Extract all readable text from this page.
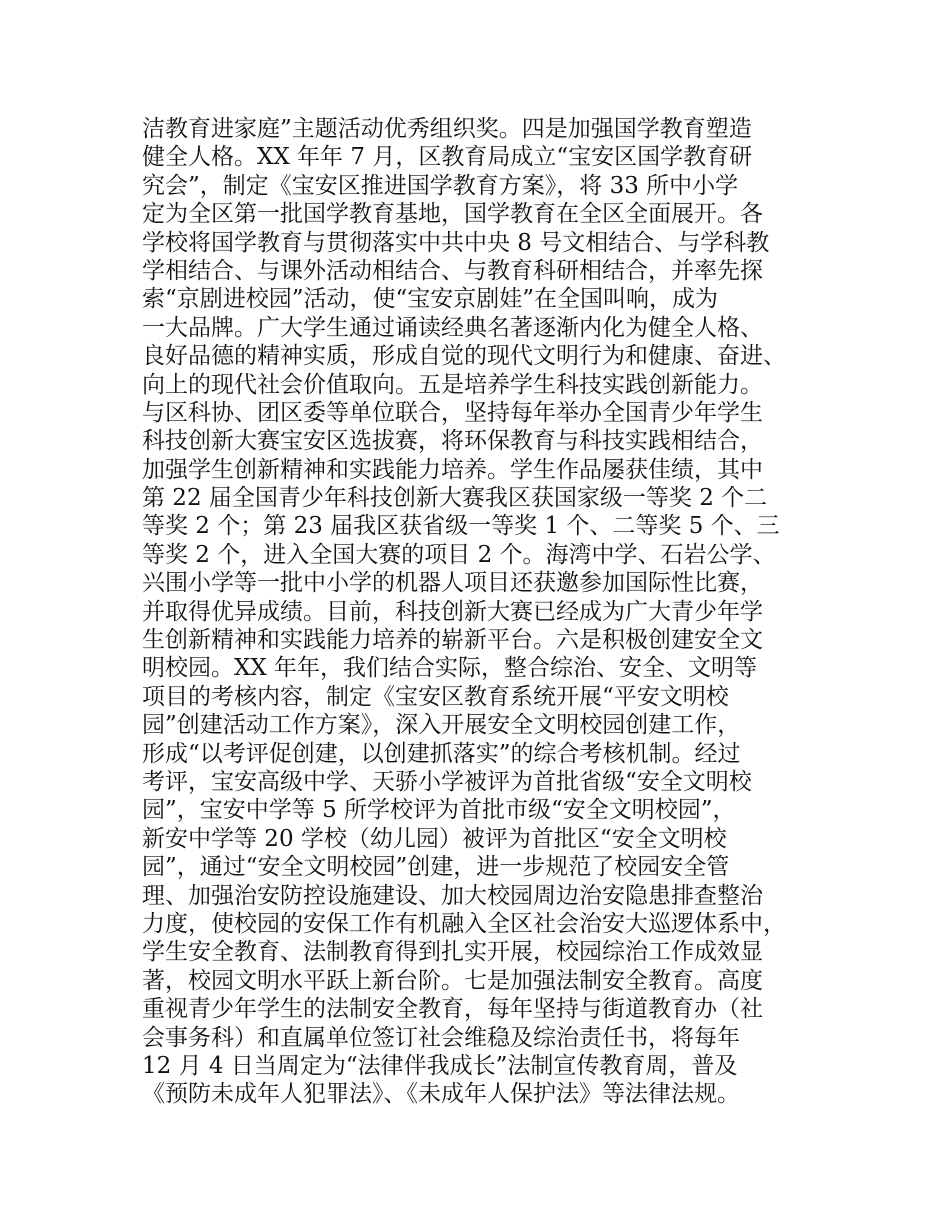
洁教育进家庭”主题活动优秀组织奖。四是加强国学教育塑造
健全人格。XX 年年 7 月，区教育局成立“宝安区国学教育研
究会”，制定《宝安区推进国学教育方案》，将 33 所中小学
定为全区第一批国学教育基地，国学教育在全区全面展开。各
学校将国学教育与贯彻落实中共中央 8 号文相结合、与学科教
学相结合、与课外活动相结合、与教育科研相结合，并率先探
索“京剧进校园”活动，使“宝安京剧娃”在全国叫响，成为
一大品牌。广大学生通过诵读经典名著逐渐内化为健全人格、
良好品德的精神实质，形成自觉的现代文明行为和健康、奋进、
向上的现代社会价值取向。五是培养学生科技实践创新能力。
与区科协、团区委等单位联合，坚持每年举办全国青少年学生
科技创新大赛宝安区选拔赛，将环保教育与科技实践相结合，
加强学生创新精神和实践能力培养。学生作品屡获佳绩，其中
第 22 届全国青少年科技创新大赛我区获国家级一等奖 2 个二
等奖 2 个；第 23 届我区获省级一等奖 1 个、二等奖 5 个、三
等奖 2 个，进入全国大赛的项目 2 个。海湾中学、石岩公学、
兴围小学等一批中小学的机器人项目还获邀参加国际性比赛，
并取得优异成绩。目前，科技创新大赛已经成为广大青少年学
生创新精神和实践能力培养的崭新平台。六是积极创建安全文
明校园。XX 年年，我们结合实际，整合综治、安全、文明等
项目的考核内容，制定《宝安区教育系统开展“平安文明校
园”创建活动工作方案》，深入开展安全文明校园创建工作，
形成“以考评促创建，以创建抓落实”的综合考核机制。经过
考评，宝安高级中学、天骄小学被评为首批省级“安全文明校
园”，宝安中学等 5 所学校评为首批市级“安全文明校园”，
新安中学等 20 学校（幼儿园）被评为首批区“安全文明校
园”，通过“安全文明校园”创建，进一步规范了校园安全管
理、加强治安防控设施建设、加大校园周边治安隐患排查整治
力度，使校园的安保工作有机融入全区社会治安大巡逻体系中，
学生安全教育、法制教育得到扎实开展，校园综治工作成效显
著，校园文明水平跃上新台阶。七是加强法制安全教育。高度
重视青少年学生的法制安全教育，每年坚持与街道教育办（社
会事务科）和直属单位签订社会维稳及综治责任书，将每年
12 月 4 日当周定为“法律伴我成长”法制宣传教育周，普及
《预防未成年人犯罪法》、《未成年人保护法》等法律法规。
